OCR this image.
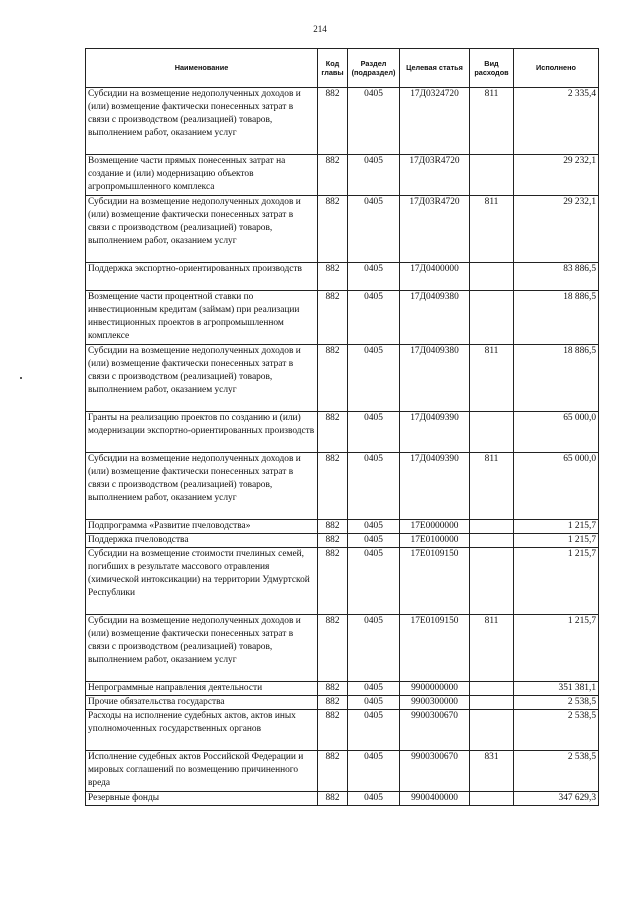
214
Наименование	Код главы	Раздел (подраздел)	Целевая статья	Вид расходов	Исполнено
Субсидии на возмещение недополученных доходов и (или) возмещение фактически понесенных затрат в связи с производством (реализацией) товаров, выполнением работ, оказанием услуг	882	0405	17Д0324720	811	2 335,4
Возмещение части прямых понесенных затрат на создание и (или) модернизацию объектов агропромышленного комплекса	882	0405	17Д03R4720		29 232,1
Субсидии на возмещение недополученных доходов и (или) возмещение фактически понесенных затрат в связи с производством (реализацией) товаров, выполнением работ, оказанием услуг	882	0405	17Д03R4720	811	29 232,1
Поддержка экспортно-ориентированных производств	882	0405	17Д0400000		83 886,5
Возмещение части процентной ставки по инвестиционным кредитам (займам) при реализации инвестиционных проектов в агропромышленном комплексе	882	0405	17Д0409380		18 886,5
Субсидии на возмещение недополученных доходов и (или) возмещение фактически понесенных затрат в связи с производством (реализацией) товаров, выполнением работ, оказанием услуг	882	0405	17Д0409380	811	18 886,5
Гранты на реализацию проектов по созданию и (или) модернизации экспортно-ориентированных производств	882	0405	17Д0409390		65 000,0
Субсидии на возмещение недополученных доходов и (или) возмещение фактически понесенных затрат в связи с производством (реализацией) товаров, выполнением работ, оказанием услуг	882	0405	17Д0409390	811	65 000,0
Подпрограмма «Развитие пчеловодства»	882	0405	17Е0000000		1 215,7
Поддержка пчеловодства	882	0405	17Е0100000		1 215,7
Субсидии на возмещение стоимости пчелиных семей, погибших в результате массового отравления (химической интоксикации) на территории Удмуртской Республики	882	0405	17Е0109150		1 215,7
Субсидии на возмещение недополученных доходов и (или) возмещение фактически понесенных затрат в связи с производством (реализацией) товаров, выполнением работ, оказанием услуг	882	0405	17Е0109150	811	1 215,7
Непрограммные направления деятельности	882	0405	9900000000		351 381,1
Прочие обязательства государства	882	0405	9900300000		2 538,5
Расходы на исполнение судебных актов, актов иных уполномоченных государственных органов	882	0405	9900300670		2 538,5
Исполнение судебных актов Российской Федерации и мировых соглашений по возмещению причиненного вреда	882	0405	9900300670	831	2 538,5
Резервные фонды	882	0405	9900400000		347 629,3
